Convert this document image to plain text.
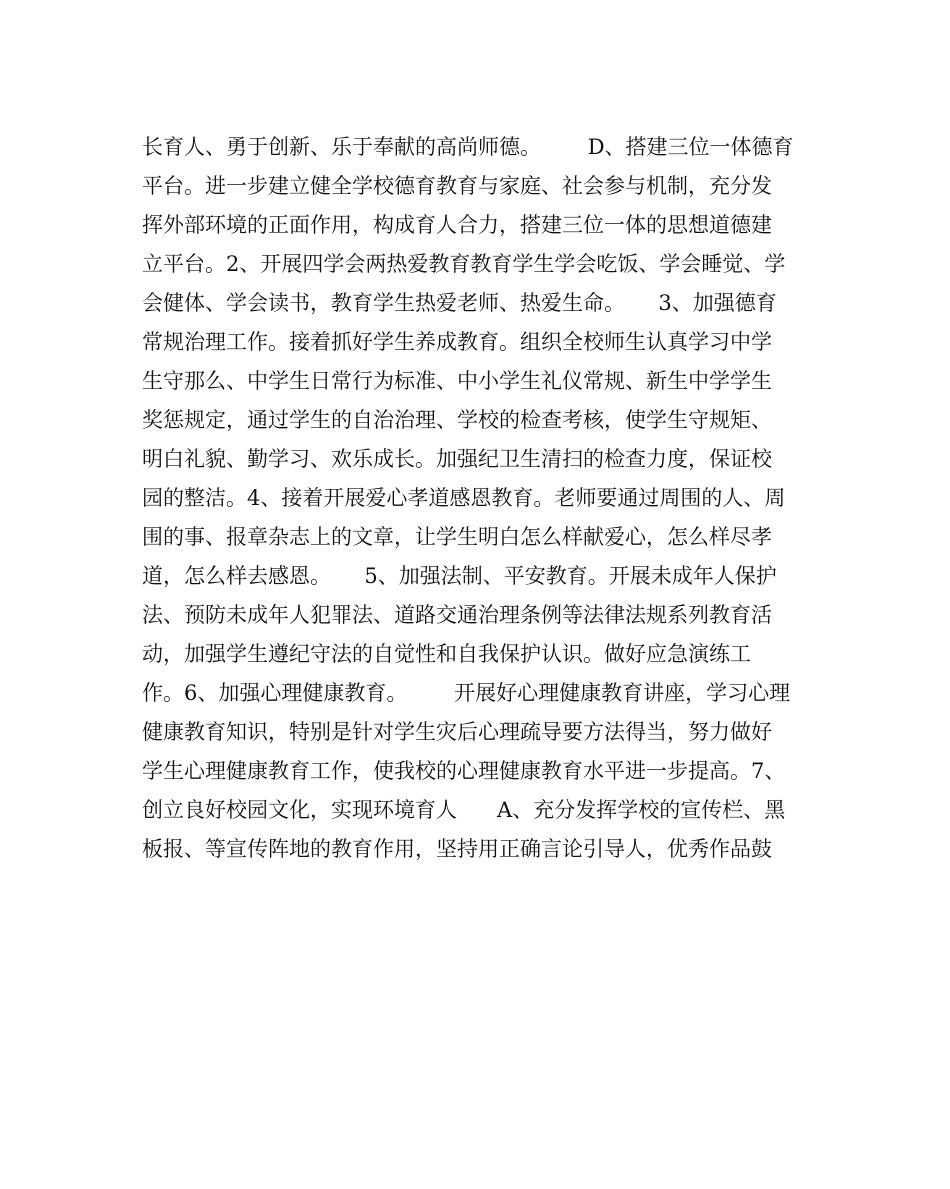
长育人、勇于创新、乐于奉献的高尚师德。       D、搭建三位一体德育
平台。进一步建立健全学校德育教育与家庭、社会参与机制，充分发
挥外部环境的正面作用，构成育人合力，搭建三位一体的思想道德建
立平台。2、开展四学会两热爱教育教育学生学会吃饭、学会睡觉、学
会健体、学会读书，教育学生热爱老师、热爱生命。     3、加强德育
常规治理工作。接着抓好学生养成教育。组织全校师生认真学习中学
生守那么、中学生日常行为标准、中小学生礼仪常规、新生中学学生
奖惩规定，通过学生的自治治理、学校的检查考核，使学生守规矩、
明白礼貌、勤学习、欢乐成长。加强纪卫生清扫的检查力度，保证校
园的整洁。4、接着开展爱心孝道感恩教育。老师要通过周围的人、周
围的事、报章杂志上的文章，让学生明白怎么样献爱心，怎么样尽孝
道，怎么样去感恩。     5、加强法制、平安教育。开展未成年人保护
法、预防未成年人犯罪法、道路交通治理条例等法律法规系列教育活
动，加强学生遵纪守法的自觉性和自我保护认识。做好应急演练工
作。6、加强心理健康教育。       开展好心理健康教育讲座，学习心理
健康教育知识，特别是针对学生灾后心理疏导要方法得当，努力做好
学生心理健康教育工作，使我校的心理健康教育水平进一步提高。7、
创立良好校园文化，实现环境育人      A、充分发挥学校的宣传栏、黑
板报、等宣传阵地的教育作用，坚持用正确言论引导人，优秀作品鼓
